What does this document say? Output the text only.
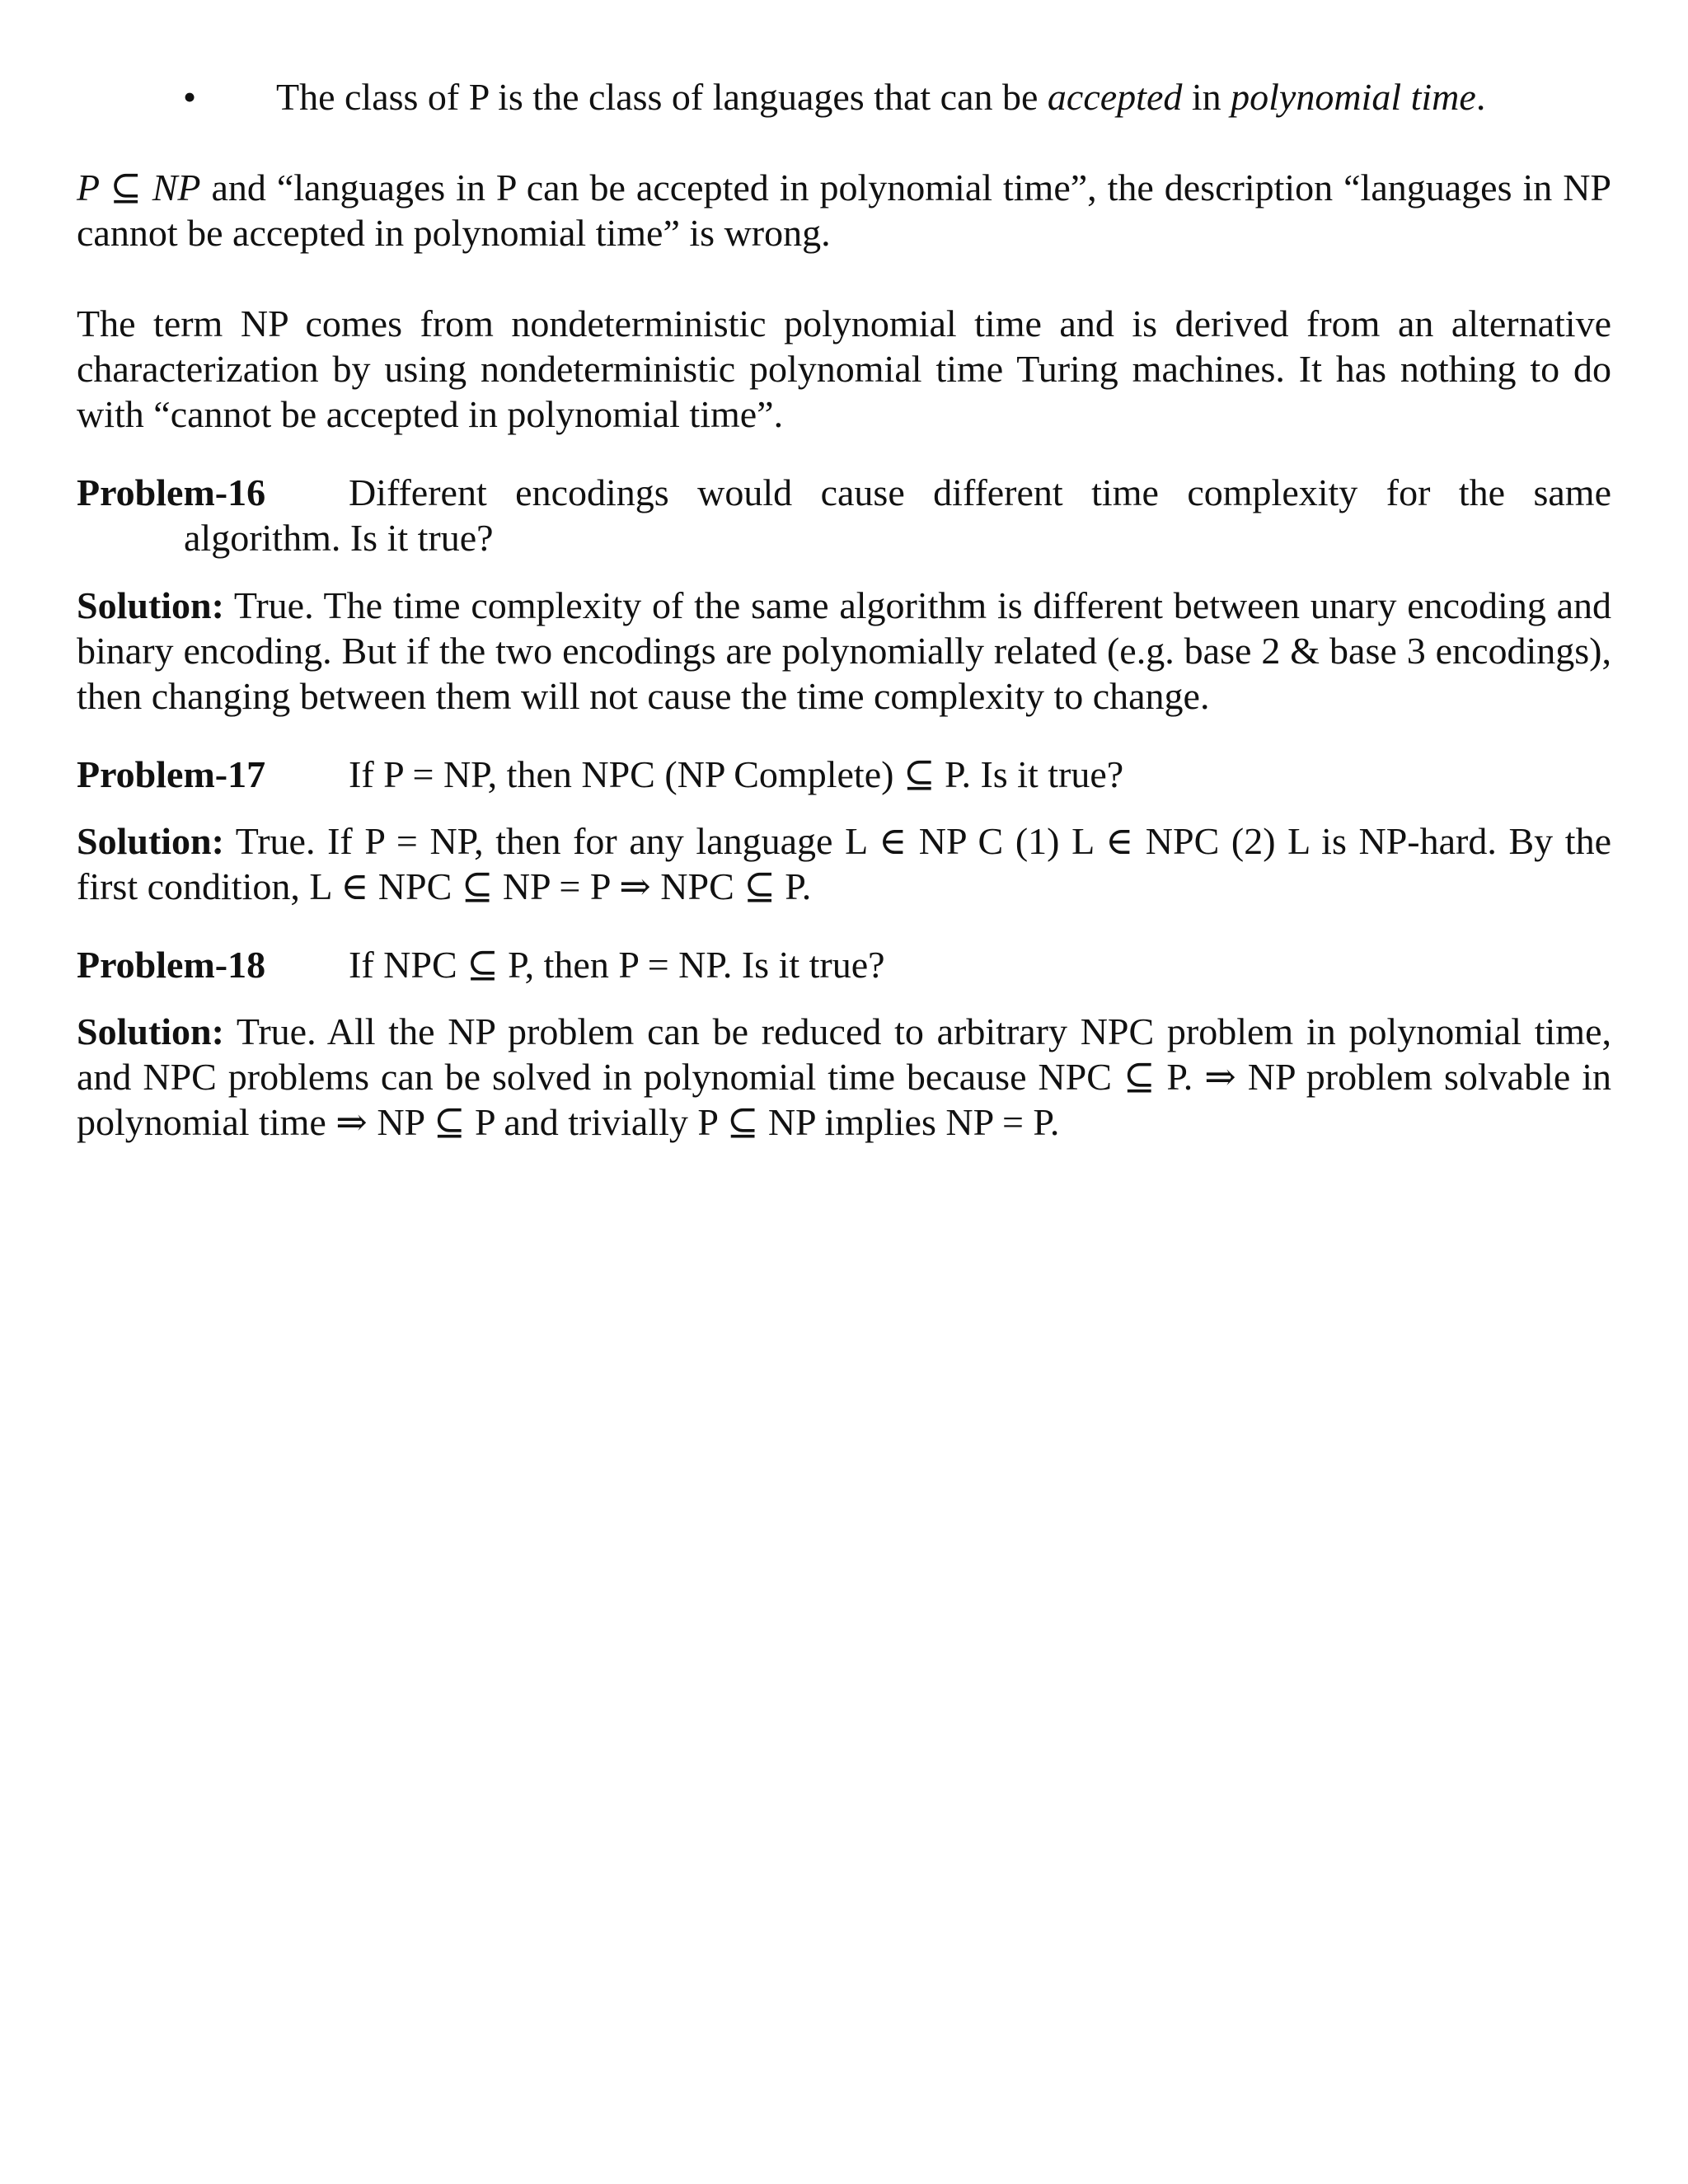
• The class of P is the class of languages that can be accepted in polynomial time.
P ⊆ NP and “languages in P can be accepted in polynomial time”, the description “languages in NP cannot be accepted in polynomial time” is wrong.
The term NP comes from nondeterministic polynomial time and is derived from an alternative characterization by using nondeterministic polynomial time Turing machines. It has nothing to do with “cannot be accepted in polynomial time”.
Problem-16 Different encodings would cause different time complexity for the same
algorithm. Is it true?
Solution: True. The time complexity of the same algorithm is different between unary encoding and binary encoding. But if the two encodings are polynomially related (e.g. base 2 & base 3 encodings), then changing between them will not cause the time complexity to change.
Problem-17 If P = NP, then NPC (NP Complete) ⊆ P. Is it true?
Solution: True. If P = NP, then for any language L ∈ NP C (1) L ∈ NPC (2) L is NP-hard. By the first condition, L ∈ NPC ⊆ NP = P ⇒ NPC ⊆ P.
Problem-18 If NPC ⊆ P, then P = NP. Is it true?
Solution: True. All the NP problem can be reduced to arbitrary NPC problem in polynomial time, and NPC problems can be solved in polynomial time because NPC ⊆ P. ⇒ NP problem solvable in polynomial time ⇒ NP ⊆ P and trivially P ⊆ NP implies NP = P.
